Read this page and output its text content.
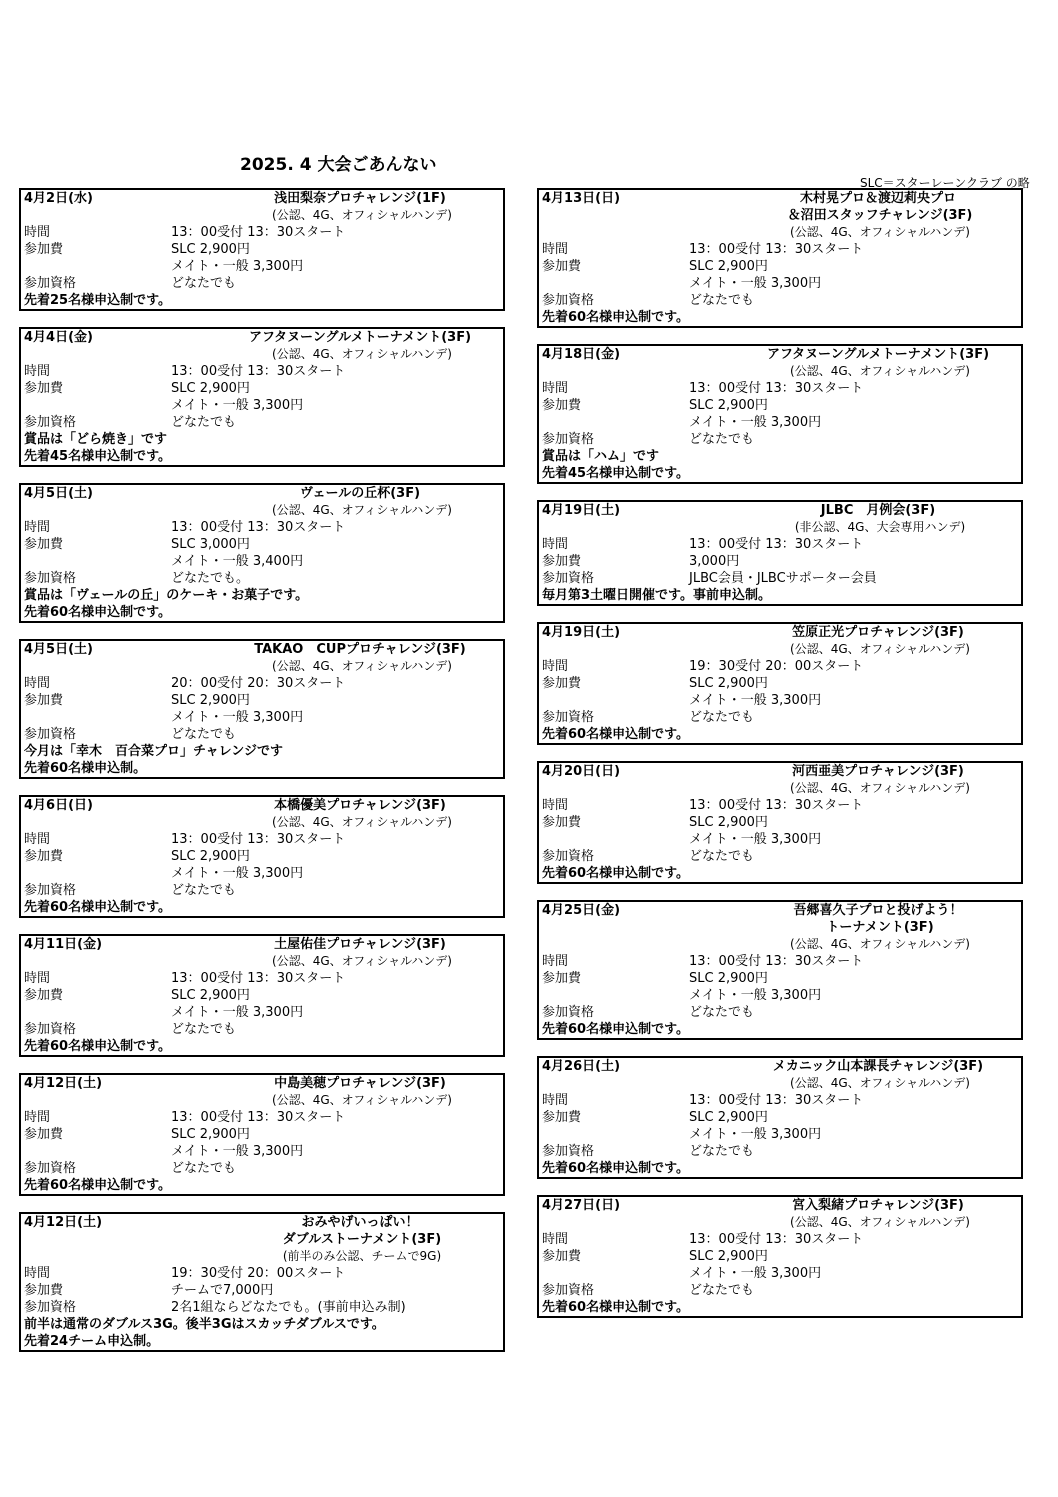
2025. 4 大会ごあんない
SLC＝スターレーンクラブ の略
4月2日(水)	浅田梨奈プロチャレンジ(1F)
(公認、4G、オフィシャルハンデ)
時間	13：00受付 13：30スタート
参加費	SLC 2,900円
メイト・一般 3,300円
参加資格	どなたでも
先着25名様申込制です。
4月4日(金)	アフタヌーングルメトーナメント(3F)
(公認、4G、オフィシャルハンデ)
時間	13：00受付 13：30スタート
参加費	SLC 2,900円
メイト・一般 3,300円
参加資格	どなたでも
賞品は「どら焼き」です
先着45名様申込制です。
4月5日(土)	ヴェールの丘杯(3F)
(公認、4G、オフィシャルハンデ)
時間	13：00受付 13：30スタート
参加費	SLC 3,000円
メイト・一般 3,400円
参加資格	どなたでも。
賞品は「ヴェールの丘」のケーキ・お菓子です。
先着60名様申込制です。
4月5日(土)	TAKAO　CUPプロチャレンジ(3F)
(公認、4G、オフィシャルハンデ)
時間	20：00受付 20：30スタート
参加費	SLC 2,900円
メイト・一般 3,300円
参加資格	どなたでも
今月は「幸木　百合菜プロ」チャレンジです
先着60名様申込制。
4月6日(日)	本橋優美プロチャレンジ(3F)
(公認、4G、オフィシャルハンデ)
時間	13：00受付 13：30スタート
参加費	SLC 2,900円
メイト・一般 3,300円
参加資格	どなたでも
先着60名様申込制です。
4月11日(金)	土屋佑佳プロチャレンジ(3F)
(公認、4G、オフィシャルハンデ)
時間	13：00受付 13：30スタート
参加費	SLC 2,900円
メイト・一般 3,300円
参加資格	どなたでも
先着60名様申込制です。
4月12日(土)	中島美穂プロチャレンジ(3F)
(公認、4G、オフィシャルハンデ)
時間	13：00受付 13：30スタート
参加費	SLC 2,900円
メイト・一般 3,300円
参加資格	どなたでも
先着60名様申込制です。
4月12日(土)	おみやげいっぱい！
ダブルストーナメント(3F)
(前半のみ公認、チームで9G)
時間	19：30受付 20：00スタート
参加費	チームで7,000円
参加資格	2名1組ならどなたでも。(事前申込み制)
前半は通常のダブルス3G。後半3Gはスカッチダブルスです。
先着24チーム申込制。
4月13日(日)	木村晃プロ＆渡辺莉央プロ
＆沼田スタッフチャレンジ(3F)
(公認、4G、オフィシャルハンデ)
時間	13：00受付 13：30スタート
参加費	SLC 2,900円
メイト・一般 3,300円
参加資格	どなたでも
先着60名様申込制です。
4月18日(金)	アフタヌーングルメトーナメント(3F)
(公認、4G、オフィシャルハンデ)
時間	13：00受付 13：30スタート
参加費	SLC 2,900円
メイト・一般 3,300円
参加資格	どなたでも
賞品は「ハム」です
先着45名様申込制です。
4月19日(土)	JLBC　月例会(3F)
(非公認、4G、大会専用ハンデ)
時間	13：00受付 13：30スタート
参加費	3,000円
参加資格	JLBC会員・JLBCサポーター会員
毎月第3土曜日開催です。事前申込制。
4月19日(土)	笠原正光プロチャレンジ(3F)
(公認、4G、オフィシャルハンデ)
時間	19：30受付 20：00スタート
参加費	SLC 2,900円
メイト・一般 3,300円
参加資格	どなたでも
先着60名様申込制です。
4月20日(日)	河西亜美プロチャレンジ(3F)
(公認、4G、オフィシャルハンデ)
時間	13：00受付 13：30スタート
参加費	SLC 2,900円
メイト・一般 3,300円
参加資格	どなたでも
先着60名様申込制です。
4月25日(金)	吾郷喜久子プロと投げよう！
トーナメント(3F)
(公認、4G、オフィシャルハンデ)
時間	13：00受付 13：30スタート
参加費	SLC 2,900円
メイト・一般 3,300円
参加資格	どなたでも
先着60名様申込制です。
4月26日(土)	メカニック山本課長チャレンジ(3F)
(公認、4G、オフィシャルハンデ)
時間	13：00受付 13：30スタート
参加費	SLC 2,900円
メイト・一般 3,300円
参加資格	どなたでも
先着60名様申込制です。
4月27日(日)	宮入梨緒プロチャレンジ(3F)
(公認、4G、オフィシャルハンデ)
時間	13：00受付 13：30スタート
参加費	SLC 2,900円
メイト・一般 3,300円
参加資格	どなたでも
先着60名様申込制です。
